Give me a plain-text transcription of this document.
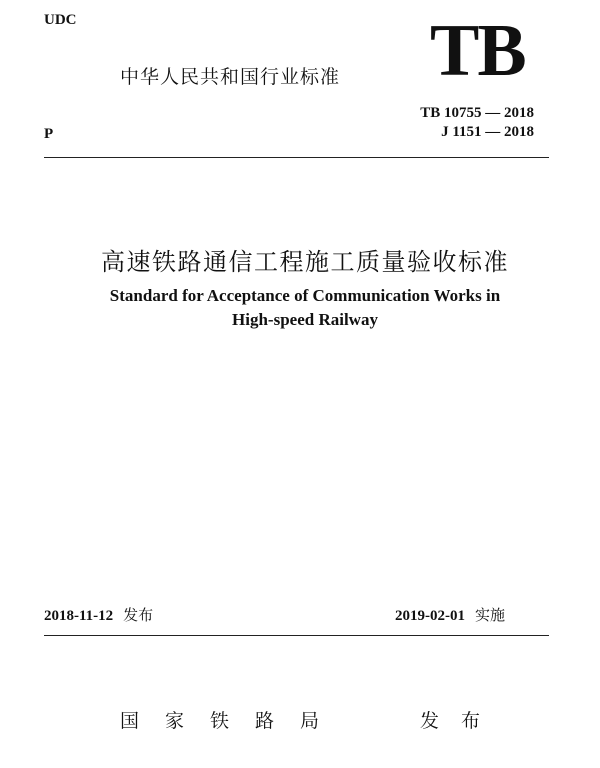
UDC
中华人民共和国行业标准 TB
TB 10755 — 2018
J 1151 — 2018
P
高速铁路通信工程施工质量验收标准
Standard for Acceptance of Communication Works in
High-speed Railway
2018-11-12 发布	2019-02-01 实施
国家铁路局	发布
